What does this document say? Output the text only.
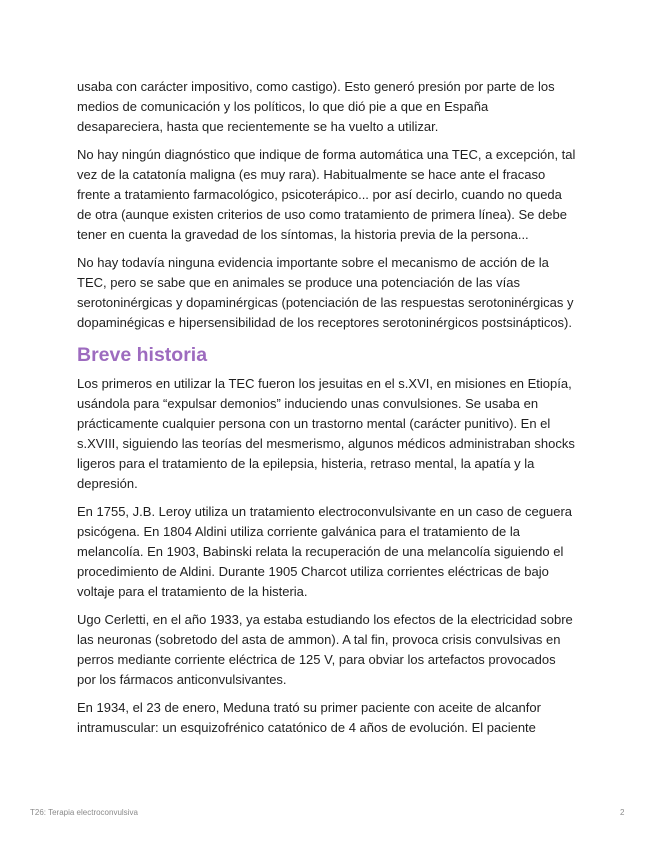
usaba con carácter impositivo, como castigo). Esto generó presión por parte de los medios de comunicación y los políticos, lo que dió pie a que en España desapareciera, hasta que recientemente se ha vuelto a utilizar.

No hay ningún diagnóstico que indique de forma automática una TEC, a excepción, tal vez de la catatonía maligna (es muy rara). Habitualmente se hace ante el fracaso frente a tratamiento farmacológico, psicoterápico... por así decirlo, cuando no queda de otra (aunque existen criterios de uso como tratamiento de primera línea). Se debe tener en cuenta la gravedad de los síntomas, la historia previa de la persona...

No hay todavía ninguna evidencia importante sobre el mecanismo de acción de la TEC, pero se sabe que en animales se produce una potenciación de las vías serotoninérgicas y dopaminérgicas (potenciación de las respuestas serotoninérgicas y dopaminégicas e hipersensibilidad de los receptores serotoninérgicos postsinápticos).

Breve historia

Los primeros en utilizar la TEC fueron los jesuitas en el s.XVI, en misiones en Etiopía, usándola para “expulsar demonios” induciendo unas convulsiones. Se usaba en prácticamente cualquier persona con un trastorno mental (carácter punitivo). En el s.XVIII, siguiendo las teorías del mesmerismo, algunos médicos administraban shocks ligeros para el tratamiento de la epilepsia, histeria, retraso mental, la apatía y la depresión.

En 1755, J.B. Leroy utiliza un tratamiento electroconvulsivante en un caso de ceguera psicógena. En 1804 Aldini utiliza corriente galvánica para el tratamiento de la melancolía. En 1903, Babinski relata la recuperación de una melancolía siguiendo el procedimiento de Aldini. Durante 1905 Charcot utiliza corrientes eléctricas de bajo voltaje para el tratamiento de la histeria.

Ugo Cerletti, en el año 1933, ya estaba estudiando los efectos de la electricidad sobre las neuronas (sobretodo del asta de ammon). A tal fin, provoca crisis convulsivas en perros mediante corriente eléctrica de 125 V, para obviar los artefactos provocados por los fármacos anticonvulsivantes.

En 1934, el 23 de enero, Meduna trató su primer paciente con aceite de alcanfor intramuscular: un esquizofrénico catatónico de 4 años de evolución. El paciente

T26: Terapia electroconvulsiva	2
